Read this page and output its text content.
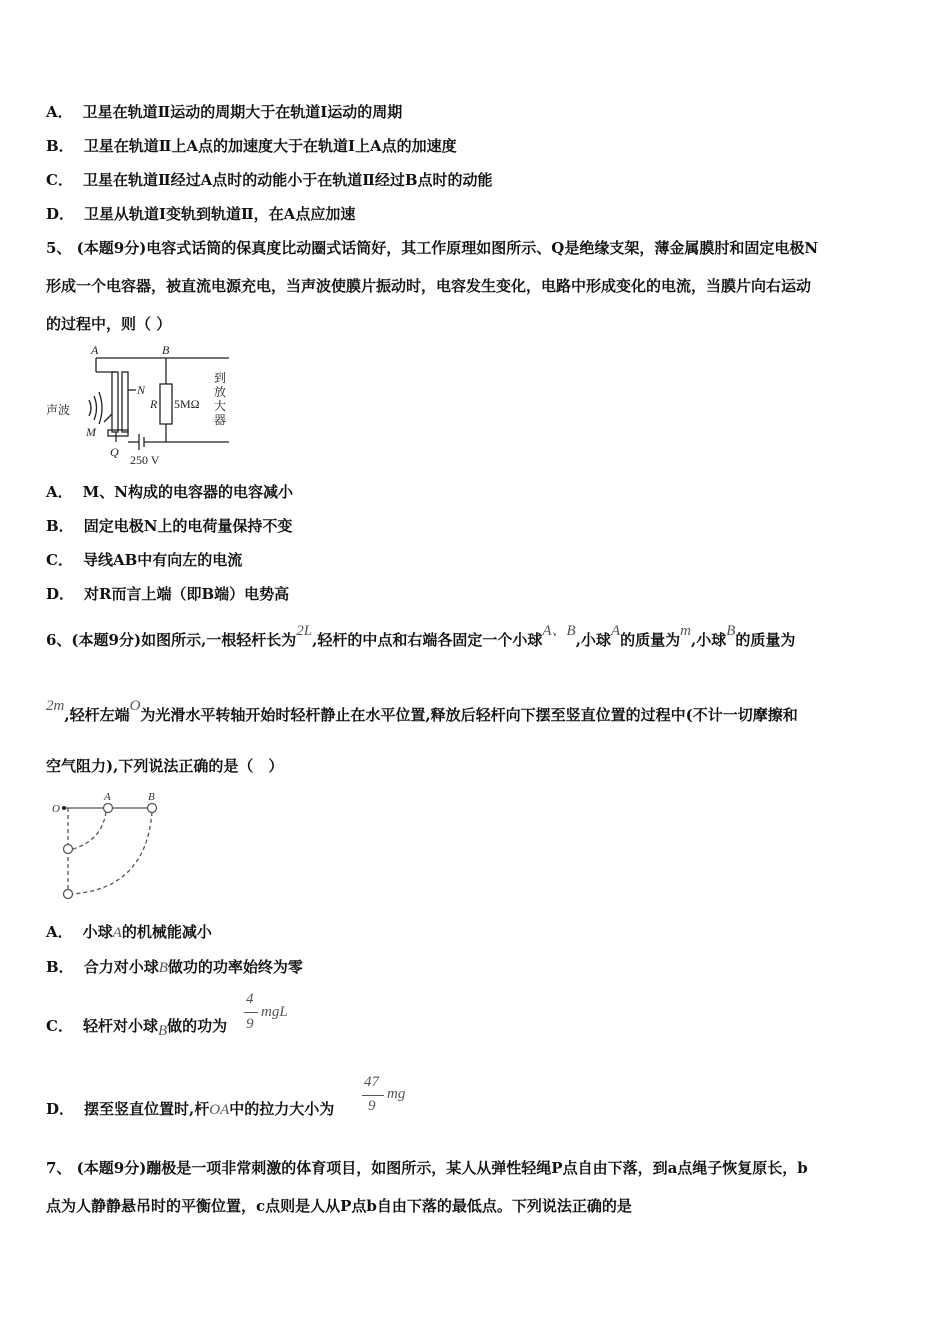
A． 卫星在轨道Ⅱ运动的周期大于在轨道Ⅰ运动的周期
B． 卫星在轨道Ⅱ上A点的加速度大于在轨道Ⅰ上A点的加速度
C． 卫星在轨道Ⅱ经过A点时的动能小于在轨道Ⅱ经过B点时的动能
D． 卫星从轨道Ⅰ变轨到轨道Ⅱ，在A点应加速
5、 (本题9分)电容式话筒的保真度比动圈式话筒好，其工作原理如图所示、Q是绝缘支架，薄金属膜肘和固定电极N
形成一个电容器，被直流电源充电，当声波使膜片振动时，电容发生变化，电路中形成变化的电流，当膜片向右运动
的过程中，则（ ）
A	B
N
R
M
Q
5MΩ
声波
250 V
到
放
大
器
A． M、N构成的电容器的电容减小
B． 固定电极N上的电荷量保持不变
C． 导线AB中有向左的电流
D． 对R而言上端（即B端）电势高
6、(本题9分)如图所示,一根轻杆长为2L,轻杆的中点和右端各固定一个小球A、B,小球A的质量为m,小球B的质量为
2m,轻杆左端O为光滑水平转轴开始时轻杆静止在水平位置,释放后轻杆向下摆至竖直位置的过程中(不计一切摩擦和
空气阻力),下列说法正确的是（　）
O
A	B
A． 小球A的机械能减小
B． 合力对小球B做功的功率始终为零
C． 轻杆对小球B做的功为
4
9
mgL
D． 摆至竖直位置时,杆OA中的拉力大小为
47
9
mg
7、 (本题9分)蹦极是一项非常刺激的体育项目，如图所示，某人从弹性轻绳P点自由下落，到a点绳子恢复原长，b
点为人静静悬吊时的平衡位置，c点则是人从P点b自由下落的最低点。下列说法正确的是
